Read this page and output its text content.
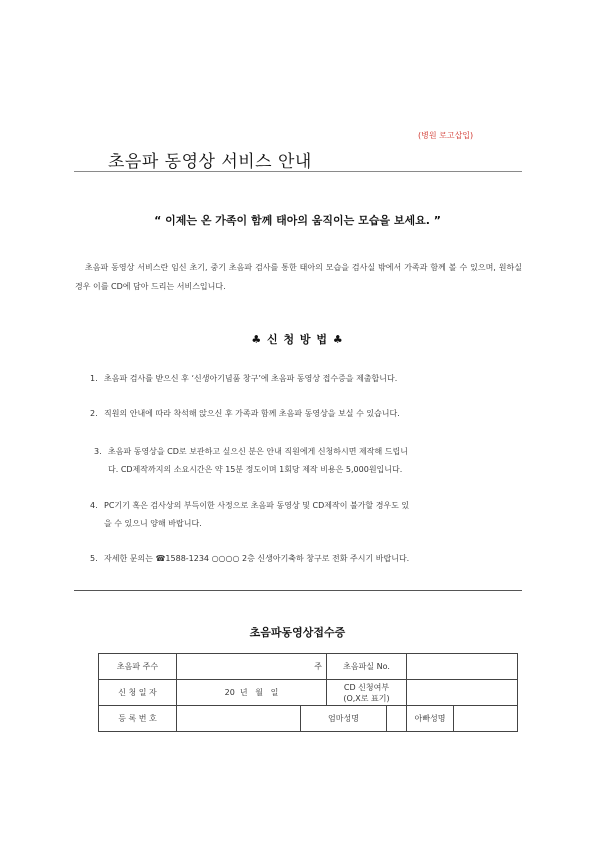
(병원 로고삽입)
초음파 동영상 서비스 안내
“ 이제는 온 가족이 함께 태아의 움직이는 모습을 보세요. ”
초음파 동영상 서비스란 임신 초기, 중기 초음파 검사를 통한 태아의 모습을 검사실 밖에서 가족과 함께 볼 수 있으며, 원하실 경우 이를 CD에 담아 드리는 서비스입니다.
♣ 신 청 방 법 ♣
1. 초음파 검사를 받으신 후 ‘신생아기념품 창구’에 초음파 동영상 접수증을 제출합니다.
2. 직원의 안내에 따라 착석해 앉으신 후 가족과 함께 초음파 동영상을 보실 수 있습니다.
3. 초음파 동영상을 CD로 보관하고 싶으신 분은 안내 직원에게 신청하시면 제작해 드립니
다. CD제작까지의 소요시간은 약 15분 정도이며 1회당 제작 비용은 5,000원입니다.
4. PC기기 혹은 검사상의 부득이한 사정으로 초음파 동영상 및 CD제작이 불가할 경우도 있
을 수 있으니 양해 바랍니다.
5. 자세한 문의는 ☎1588-1234 ○○○○ 2층 신생아기축하 창구로 전화 주시기 바랍니다.
초음파동영상접수증
초음파 주수	주		초음파실 No.			
신 청 일 자	20  년   월   일		CD 신청여부
(O,X로 표기)			
등 록 번 호		엄마성명			아빠성명	
